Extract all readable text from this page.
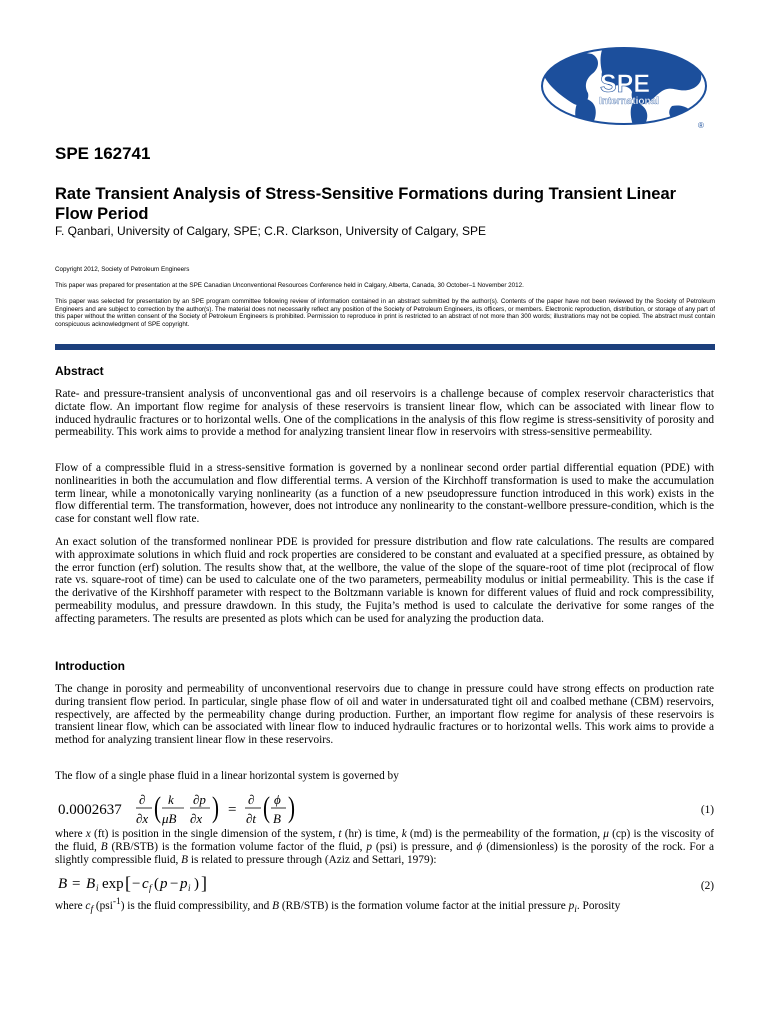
SPE
International
®
SPE 162741
Rate Transient Analysis of Stress-Sensitive Formations during Transient Linear Flow Period
F. Qanbari, University of Calgary, SPE; C.R. Clarkson, University of Calgary, SPE
Copyright 2012, Society of Petroleum Engineers
This paper was prepared for presentation at the SPE Canadian Unconventional Resources Conference held in Calgary, Alberta, Canada, 30 October–1 November 2012.
This paper was selected for presentation by an SPE program committee following review of information contained in an abstract submitted by the author(s). Contents of the paper have not been reviewed by the Society of Petroleum Engineers and are subject to correction by the author(s). The material does not necessarily reflect any position of the Society of Petroleum Engineers, its officers, or members. Electronic reproduction, distribution, or storage of any part of this paper without the written consent of the Society of Petroleum Engineers is prohibited. Permission to reproduce in print is restricted to an abstract of not more than 300 words; illustrations may not be copied. The abstract must contain conspicuous acknowledgment of SPE copyright.
Abstract

Rate- and pressure-transient analysis of unconventional gas and oil reservoirs is a challenge because of complex reservoir characteristics that dictate flow. An important flow regime for analysis of these reservoirs is transient linear flow, which can be associated with linear flow to induced hydraulic fractures or to horizontal wells. One of the complications in the analysis of this flow regime is stress-sensitivity of porosity and permeability. This work aims to provide a method for analyzing transient linear flow in reservoirs with stress-sensitive permeability.

Flow of a compressible fluid in a stress-sensitive formation is governed by a nonlinear second order partial differential equation (PDE) with nonlinearities in both the accumulation and flow differential terms. A version of the Kirchhoff transformation is used to make the accumulation term linear, while a monotonically varying nonlinearity (as a function of a new pseudopressure function introduced in this work) exists in the flow differential term. The transformation, however, does not introduce any nonlinearity to the constant-wellbore pressure-condition, which is the case for constant well flow rate.

An exact solution of the transformed nonlinear PDE is provided for pressure distribution and flow rate calculations. The results are compared with approximate solutions in which fluid and rock properties are considered to be constant and evaluated at a specified pressure, as obtained by the error function (erf) solution. The results show that, at the wellbore, the value of the slope of the square-root of time plot (reciprocal of flow rate vs. square-root of time) can be used to calculate one of the two parameters, permeability modulus or initial permeability. This is the case if the derivative of the Kirshhoff parameter with respect to the Boltzmann variable is known for different values of fluid and rock compressibility, permeability modulus, and pressure drawdown. In this study, the Fujita’s method is used to calculate the derivative for some ranges of the affecting parameters. The results are presented as plots which can be used for analyzing the production data.

Introduction

The change in porosity and permeability of unconventional reservoirs due to change in pressure could have strong effects on production rate during transient flow period. In particular, single phase flow of oil and water in undersaturated tight oil and coalbed methane (CBM) reservoirs, respectively, are affected by the permeability change during production. Further, an important flow regime for analysis of these reservoirs is transient linear flow, which can be associated with linear flow to induced hydraulic fractures or to horizontal wells. This work aims to provide a method for analyzing transient linear flow in these reservoirs.

The flow of a single phase fluid in a linear horizontal system is governed by

0.0002637
∂
∂x ( k
μB
∂p
∂x ) =
∂
∂t ( ϕ
B )	(1)

where x (ft) is position in the single dimension of the system, t (hr) is time, k (md) is the permeability of the formation, μ (cp) is the viscosity of the fluid, B (RB/STB) is the formation volume factor of the fluid, p (psi) is pressure, and ϕ (dimensionless) is the porosity of the rock. For a slightly compressible fluid, B is related to pressure through (Aziz and Settari, 1979):

B = B i exp [ − c f ( p − p i ) ]	(2)

where $c_f$ (psi$^{-1}$) is the fluid compressibility, and B (RB/STB) is the formation volume factor at the initial pressure $p_i$. Porosity
